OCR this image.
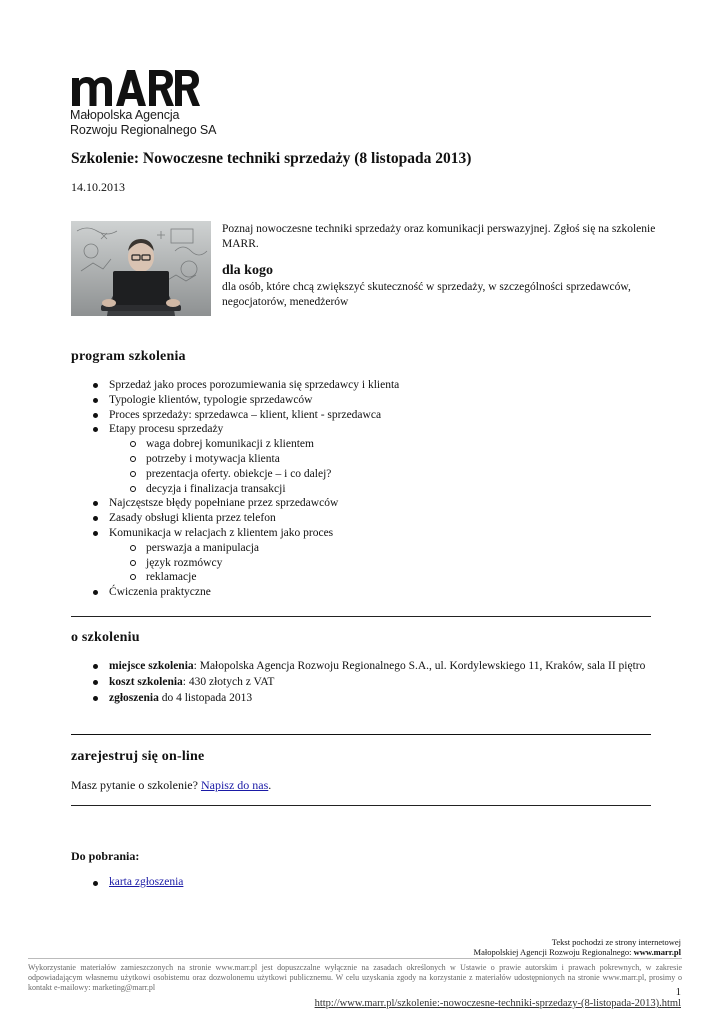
Małopolska Agencja
Rozwoju Regionalnego SA
Szkolenie: Nowoczesne techniki sprzedaży (8 listopada 2013)
14.10.2013
Poznaj nowoczesne techniki sprzedaży oraz komunikacji perswazyjnej. Zgłoś się na szkolenie MARR.
dla kogo
dla osób, które chcą zwiększyć skuteczność w sprzedaży, w szczególności sprzedawców, negocjatorów, menedżerów
program szkolenia
Sprzedaż jako proces porozumiewania się sprzedawcy i klienta
Typologie klientów, typologie sprzedawców
Proces sprzedaży: sprzedawca – klient, klient - sprzedawca
Etapy procesu sprzedaży
waga dobrej komunikacji z klientem
potrzeby i motywacja klienta
prezentacja oferty. obiekcje – i co dalej?
decyzja i finalizacja transakcji
Najczęstsze błędy popełniane przez sprzedawców
Zasady obsługi klienta przez telefon
Komunikacja w relacjach z klientem jako proces
perswazja a manipulacja
język rozmówcy
reklamacje
Ćwiczenia praktyczne
o szkoleniu
miejsce szkolenia: Małopolska Agencja Rozwoju Regionalnego S.A., ul. Kordylewskiego 11, Kraków, sala II piętro
koszt szkolenia: 430 złotych z VAT
zgłoszenia do 4 listopada 2013
zarejestruj się on-line
Masz pytanie o szkolenie? Napisz do nas.
Do pobrania:
karta zgłoszenia
Tekst pochodzi ze strony internetowej
Małopolskiej Agencji Rozwoju Regionalnego: www.marr.pl
Wykorzystanie materiałów zamieszczonych na stronie www.marr.pl jest dopuszczalne wyłącznie na zasadach określonych w Ustawie o prawie autorskim i prawach pokrewnych, w zakresie odpowiadającym własnemu użytkowi osobistemu oraz dozwolonemu użytkowi publicznemu. W celu uzyskania zgody na korzystanie z materiałów udostępnionych na stronie www.marr.pl, prosimy o kontakt e-mailowy: marketing@marr.pl	1
http://www.marr.pl/szkolenie:-nowoczesne-techniki-sprzedazy-(8-listopada-2013).html
